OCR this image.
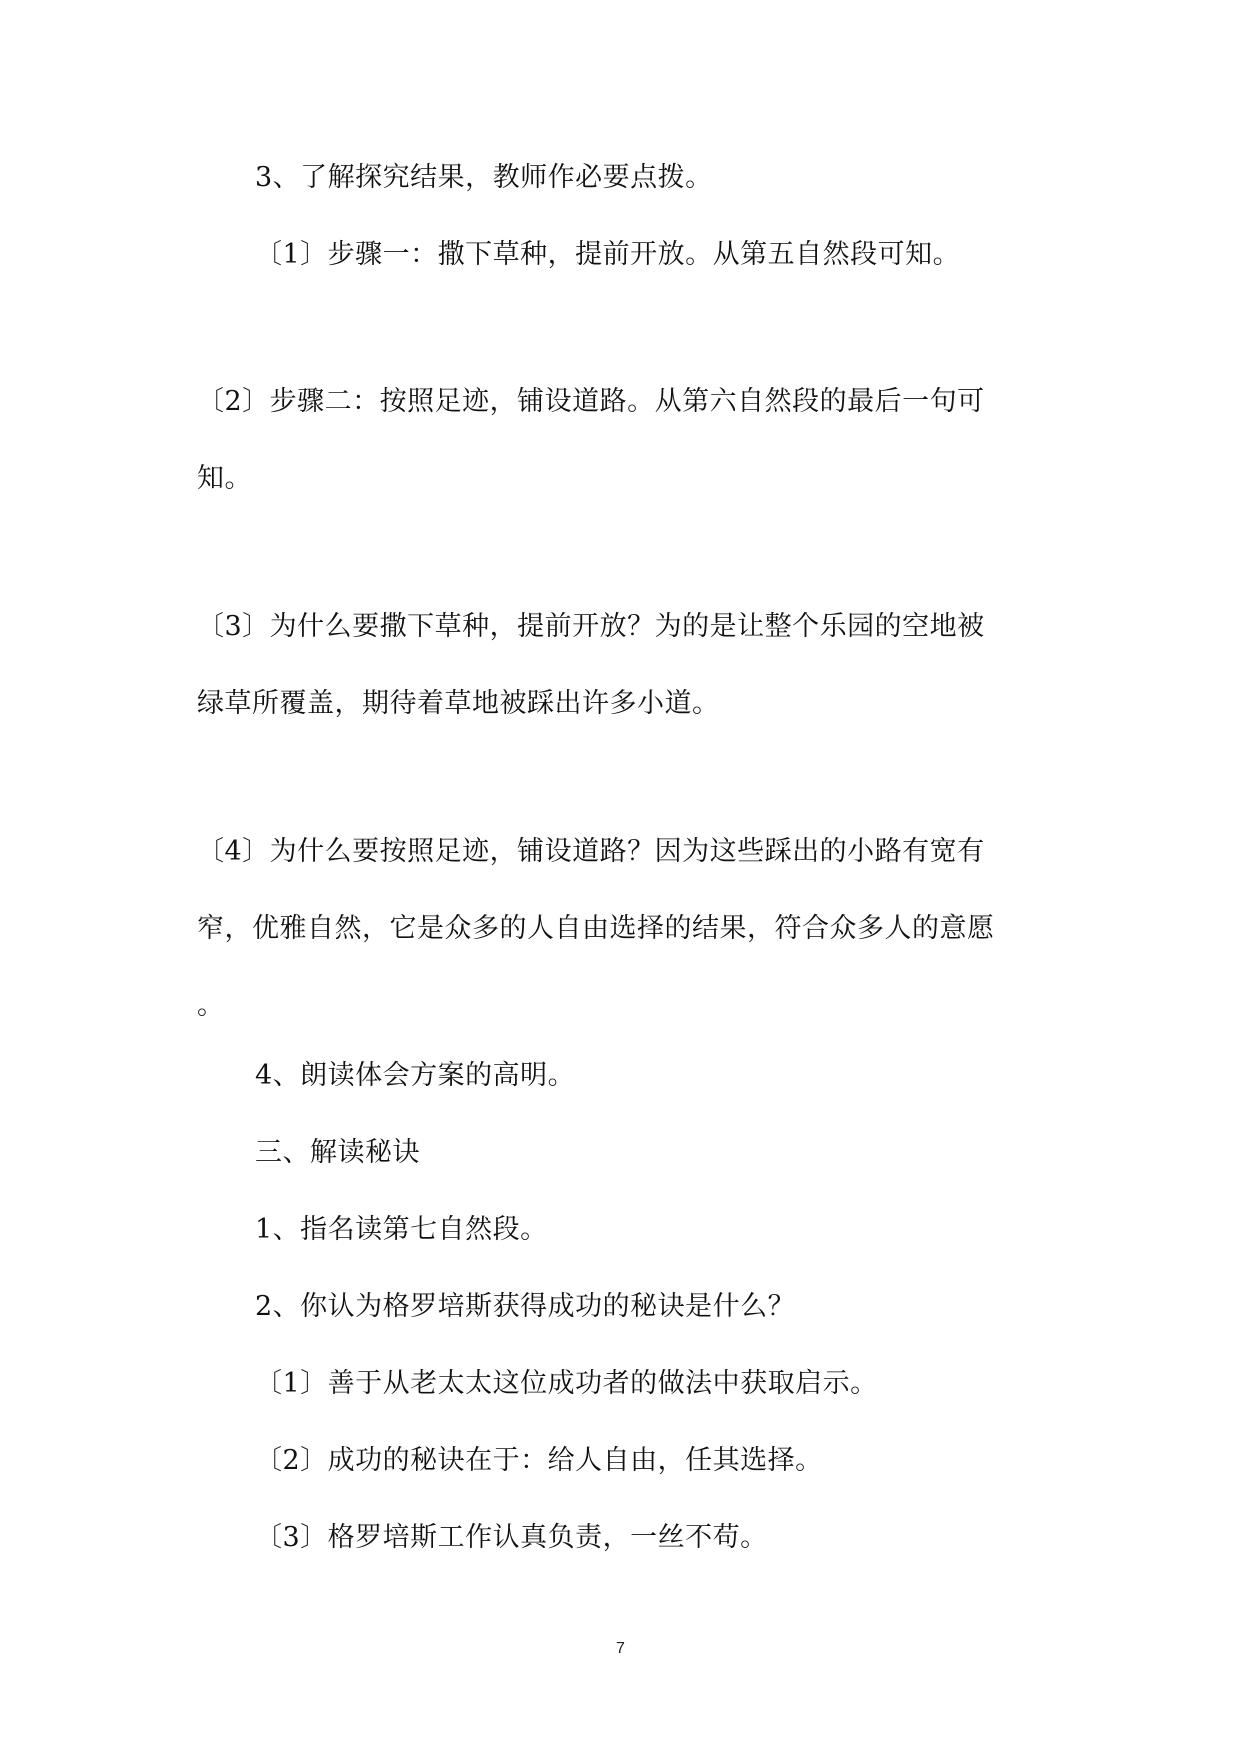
3、了解探究结果，教师作必要点拨。
〔1〕步骤一：撒下草种，提前开放。从第五自然段可知。
〔2〕步骤二：按照足迹，铺设道路。从第六自然段的最后一句可
知。
〔3〕为什么要撒下草种，提前开放？为的是让整个乐园的空地被
绿草所覆盖，期待着草地被踩出许多小道。
〔4〕为什么要按照足迹，铺设道路？因为这些踩出的小路有宽有
窄，优雅自然，它是众多的人自由选择的结果，符合众多人的意愿
。
4、朗读体会方案的高明。
三、解读秘诀
1、指名读第七自然段。
2、你认为格罗培斯获得成功的秘诀是什么？
〔1〕善于从老太太这位成功者的做法中获取启示。
〔2〕成功的秘诀在于：给人自由，任其选择。
〔3〕格罗培斯工作认真负责，一丝不苟。
7
